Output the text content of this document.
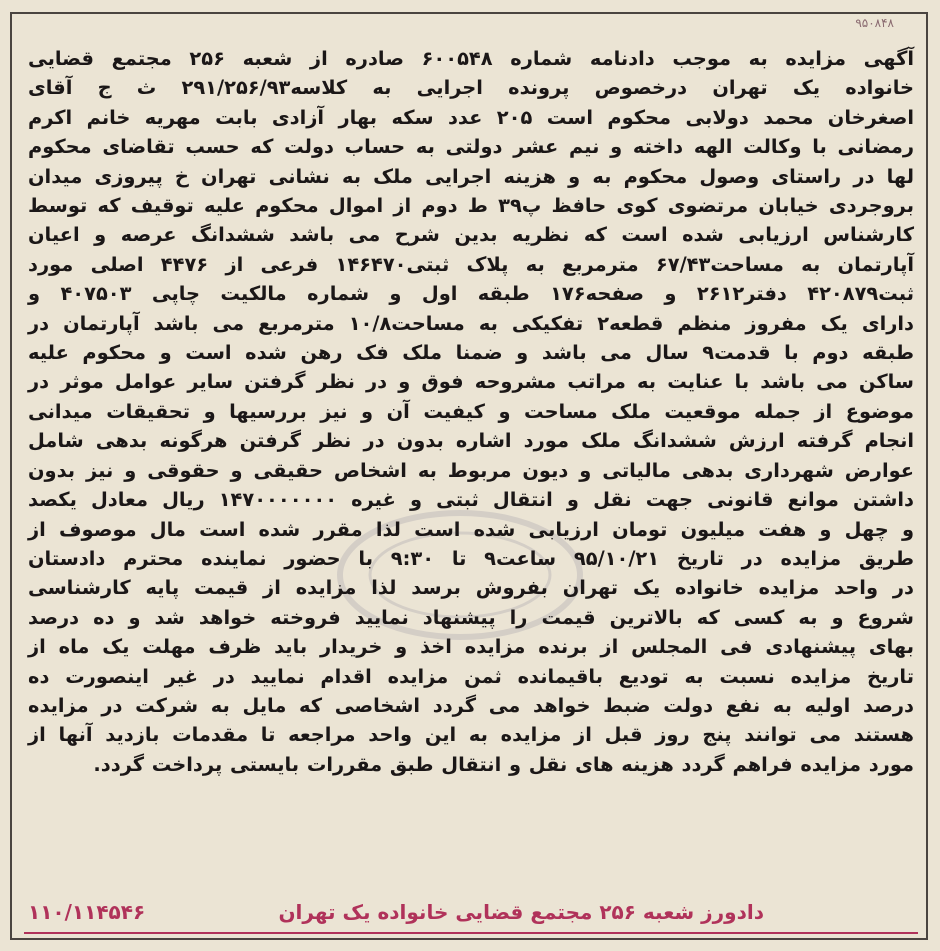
۹۵۰۸۴۸
آگهی مزایده به موجب دادنامه شماره ۶۰۰۵۴۸ صادره از شعبه ۲۵۶ مجتمع قضایی
خانواده یک تهران درخصوص پرونده اجرایی به کلاسه۲۹۱/۲۵۶/۹۳ ث ج آقای
اصغرخان محمد دولابی محکوم است ۲۰۵ عدد سکه بهار آزادی بابت مهریه خانم اکرم
رمضانی با وکالت الهه داخته و نیم عشر دولتی به حساب دولت که حسب تقاضای محکوم
لها در راستای وصول محکوم به و هزینه اجرایی ملک به نشانی تهران خ پیروزی میدان
بروجردی خیابان مرتضوی کوی حافظ پ۳۹ ط دوم از اموال محکوم علیه توقیف که توسط
کارشناس ارزیابی شده است که نظریه بدین شرح می باشد ششدانگ عرصه و اعیان
آپارتمان به مساحت۶۷/۴۳ مترمربع به پلاک ثبتی۱۴۶۴۷۰ فرعی از ۴۴۷۶ اصلی مورد
ثبت۴۲۰۸۷۹ دفتر۲۶۱۲ و صفحه۱۷۶ طبقه اول و شماره مالکیت چاپی ۴۰۷۵۰۳ و
دارای یک مفروز منظم قطعه۲ تفکیکی به مساحت۱۰/۸ مترمربع می باشد آپارتمان در
طبقه دوم با قدمت۹ سال می باشد و ضمنا ملک فک رهن شده است و محکوم علیه
ساکن می باشد با عنایت به مراتب مشروحه فوق و در نظر گرفتن سایر عوامل موثر در
موضوع از جمله موقعیت ملک مساحت و کیفیت آن و نیز بررسیها و تحقیقات میدانی
انجام گرفته ارزش ششدانگ ملک مورد اشاره بدون در نظر گرفتن هرگونه بدهی شامل
عوارض شهرداری بدهی مالیاتی و دیون مربوط به اشخاص حقیقی و حقوقی و نیز بدون
داشتن موانع قانونی جهت نقل و انتقال ثبتی و غیره ۱۴۷۰۰۰۰۰۰۰ ریال معادل یکصد
و چهل و هفت میلیون تومان ارزیابی شده است لذا مقرر شده است مال موصوف از
طریق مزایده در تاریخ ۹۵/۱۰/۲۱ ساعت۹ تا ۹:۳۰ با حضور نماینده محترم دادستان
در واحد مزایده خانواده یک تهران بفروش برسد لذا مزایده از قیمت پایه کارشناسی
شروع و به کسی که بالاترین قیمت را پیشنهاد نمایید فروخته خواهد شد و ده درصد
بهای پیشنهادی فی المجلس از برنده مزایده اخذ و خریدار باید ظرف مهلت یک ماه از
تاریخ مزایده نسبت به تودیع باقیمانده ثمن مزایده اقدام نمایید در غیر اینصورت ده
درصد اولیه به نفع دولت ضبط خواهد می گردد اشخاصی که مایل به شرکت در مزایده
هستند می توانند پنج روز قبل از مزایده به این واحد مراجعه تا مقدمات بازدید آنها از
مورد مزایده فراهم گردد هزینه های نقل و انتقال طبق مقررات بایستی پرداخت گردد.
دادورز شعبه ۲۵۶ مجتمع قضایی خانواده یک تهران
۱۱۰/۱۱۴۵۴۶
